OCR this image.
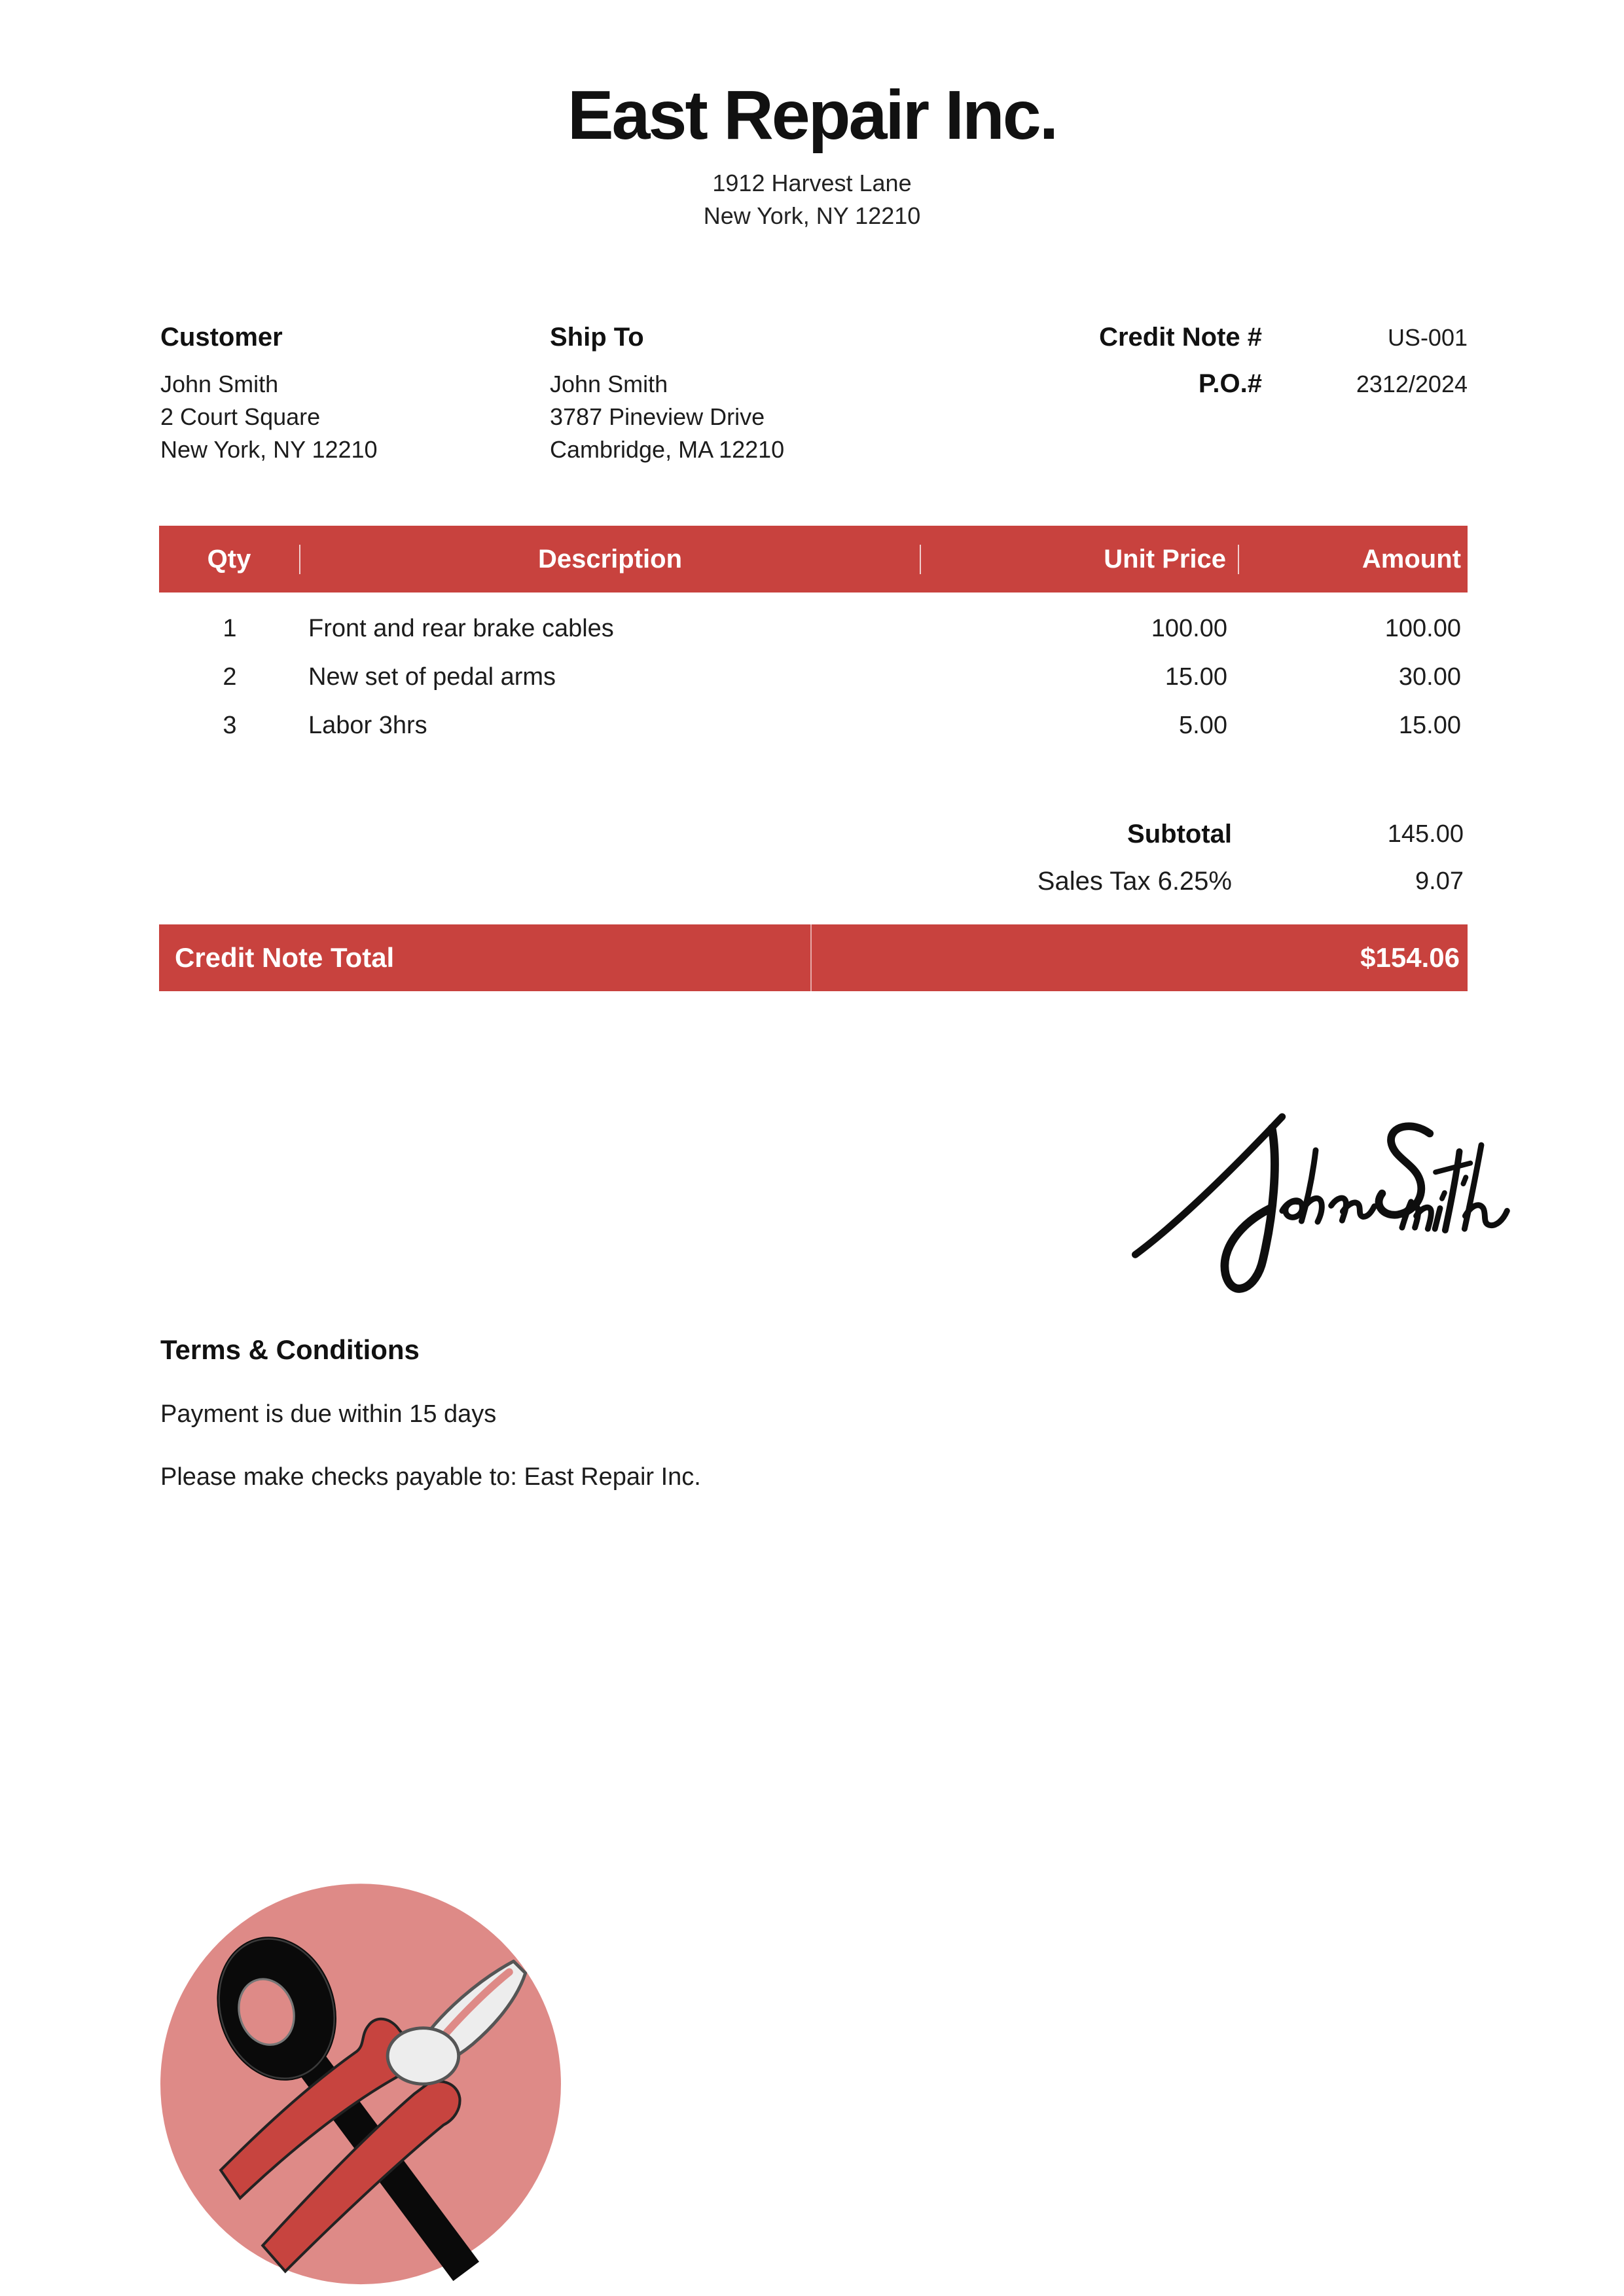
East Repair Inc.
1912 Harvest Lane
New York, NY 12210
Customer
John Smith
2 Court Square
New York, NY 12210
Ship To
John Smith
3787 Pineview Drive
Cambridge, MA 12210
Credit Note #	US-001
P.O.#	2312/2024
Qty	Description	Unit Price	Amount
1	Front and rear brake cables	100.00	100.00
2	New set of pedal arms	15.00	30.00
3	Labor 3hrs	5.00	15.00
Subtotal	145.00
Sales Tax 6.25%	9.07
Credit Note Total	$154.06
Terms & Conditions
Payment is due within 15 days
Please make checks payable to: East Repair Inc.
